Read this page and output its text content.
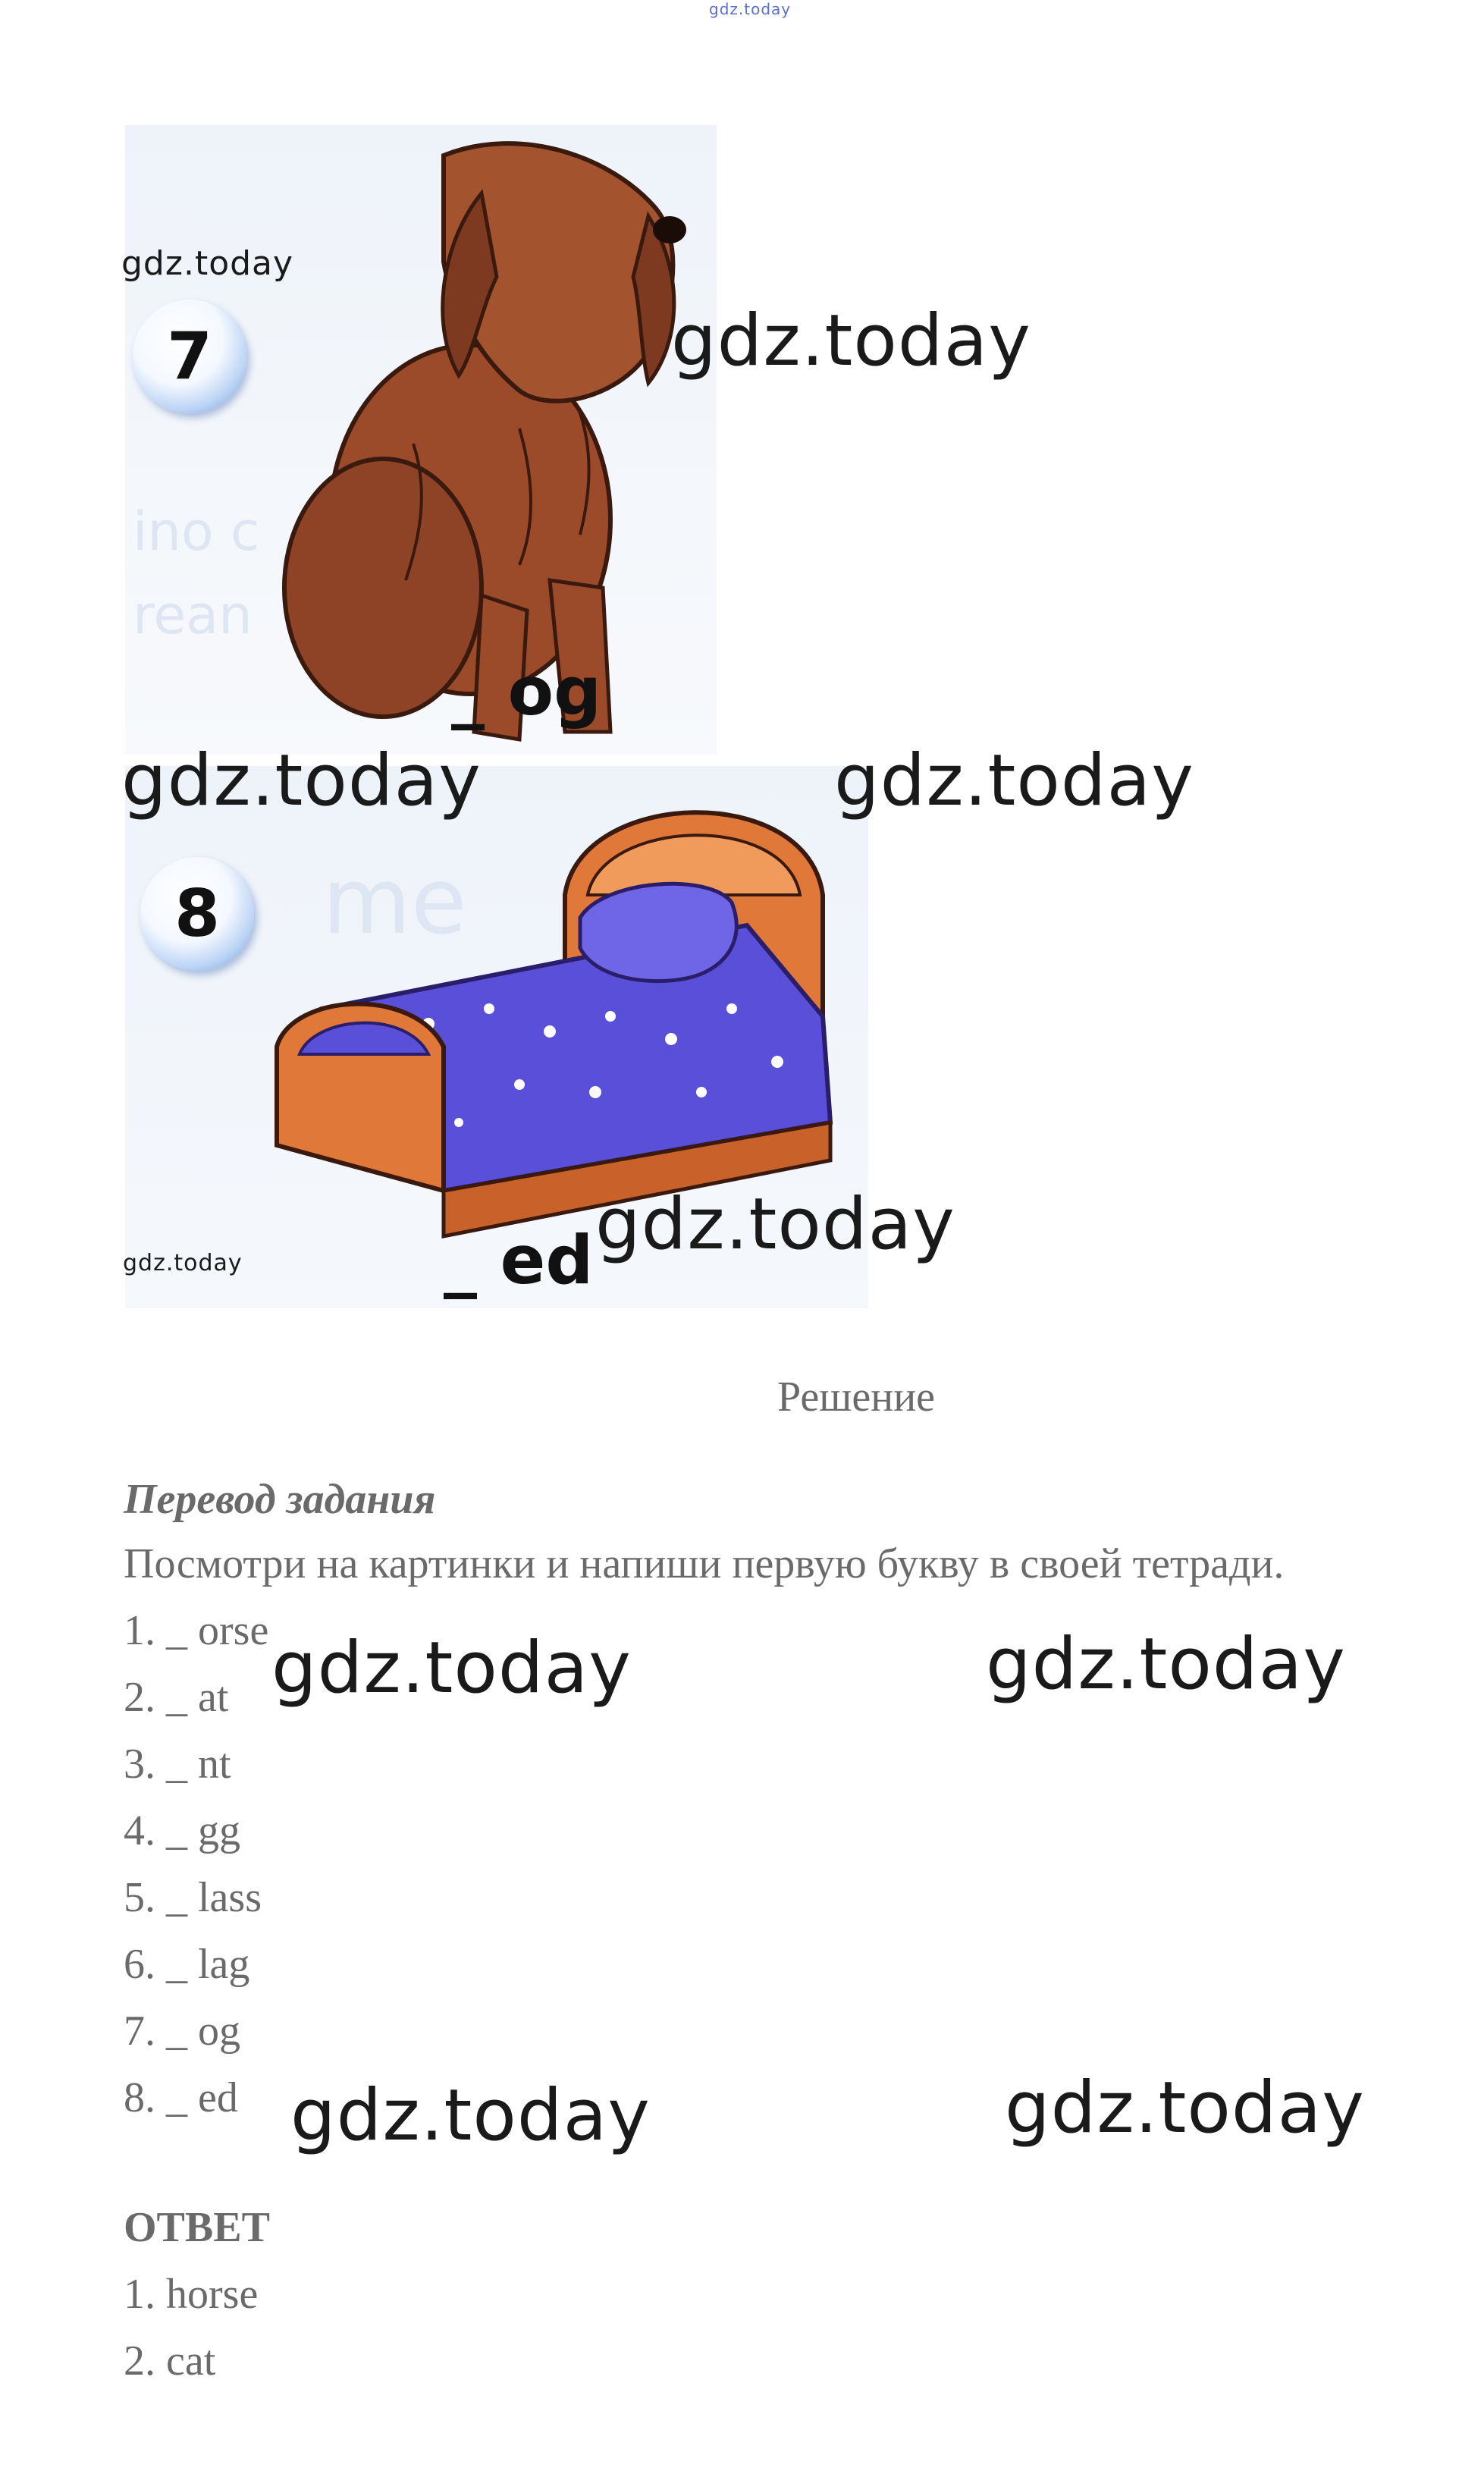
gdz.today
ino c
rean
7
_ og
me
8
_ ed
gdz.today
gdz.today
gdz.today	gdz.today
gdz.today
gdz.today
Решение
Перевод задания
Посмотри на картинки и напиши первую букву в своей тетради.
1. _ orse
2. _ at
3. _ nt
4. _ gg
5. _ lass
6. _ lag
7. _ og
8. _ ed
ОТВЕТ
1. horse
2. cat
gdz.today	gdz.today
gdz.today	gdz.today
